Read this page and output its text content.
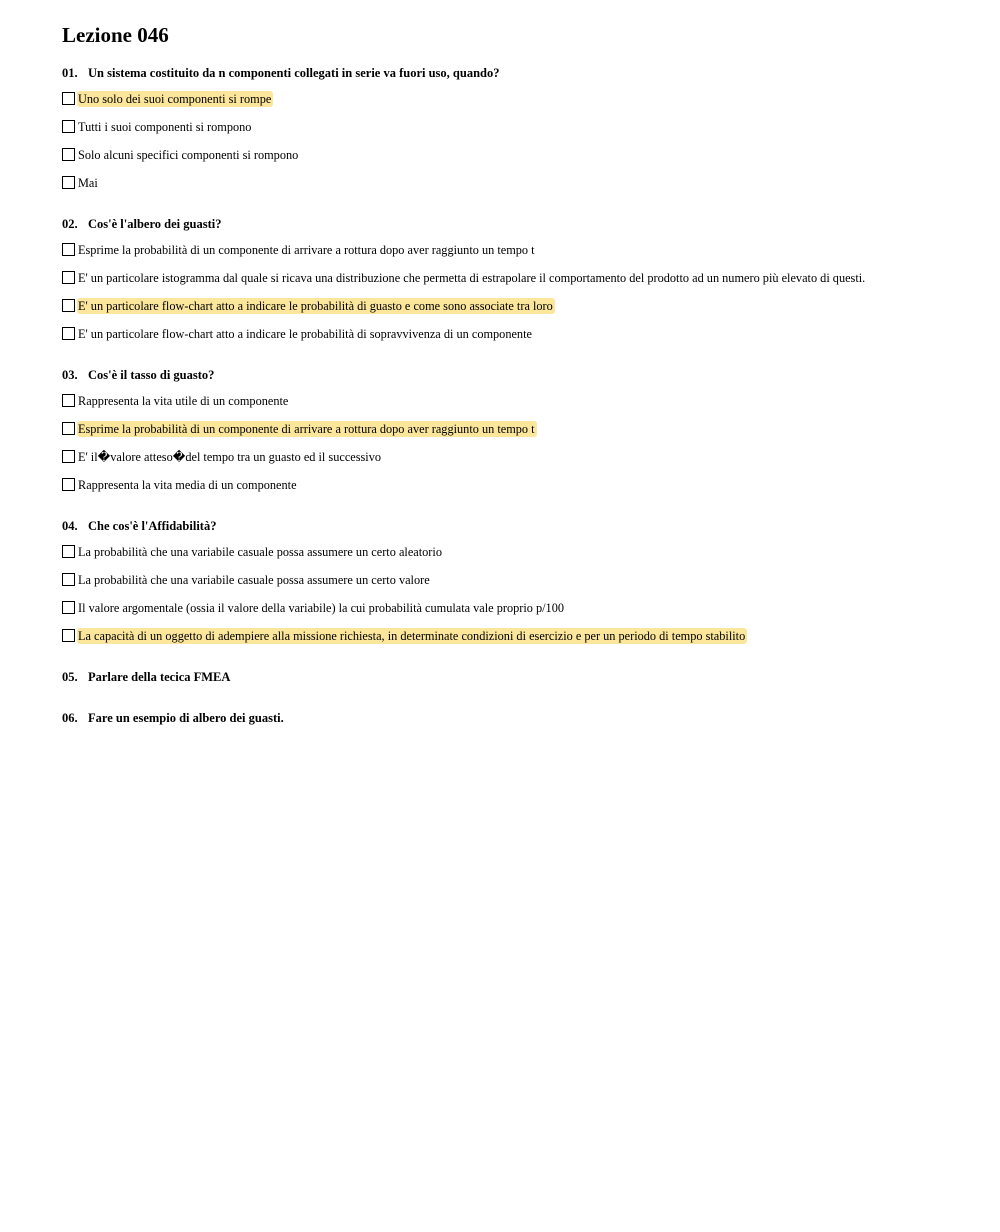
Lezione 046
01. Un sistema costituito da n componenti collegati in serie va fuori uso, quando?
Uno solo dei suoi componenti si rompe
Tutti i suoi componenti si rompono
Solo alcuni specifici componenti si rompono
Mai
02. Cos'è l'albero dei guasti?
Esprime la probabilità di un componente di arrivare a rottura dopo aver raggiunto un tempo t
E' un particolare istogramma dal quale si ricava una distribuzione che permetta di estrapolare il comportamento del prodotto ad un numero più elevato di questi.
E' un particolare flow-chart atto a indicare le probabilità di guasto e come sono associate tra loro
E' un particolare flow-chart atto a indicare le probabilità di sopravvivenza di un componente
03. Cos'è il tasso di guasto?
Rappresenta la vita utile di un componente
Esprime la probabilità di un componente di arrivare a rottura dopo aver raggiunto un tempo t
E' il�valore atteso�del tempo tra un guasto ed il successivo
Rappresenta la vita media di un componente
04. Che cos'è l'Affidabilità?
La probabilità che una variabile casuale possa assumere un certo aleatorio
La probabilità che una variabile casuale possa assumere un certo valore
Il valore argomentale (ossia il valore della variabile) la cui probabilità cumulata vale proprio p/100
La capacità di un oggetto di adempiere alla missione richiesta, in determinate condizioni di esercizio e per un periodo di tempo stabilito
05. Parlare della tecica FMEA
06. Fare un esempio di albero dei guasti.
